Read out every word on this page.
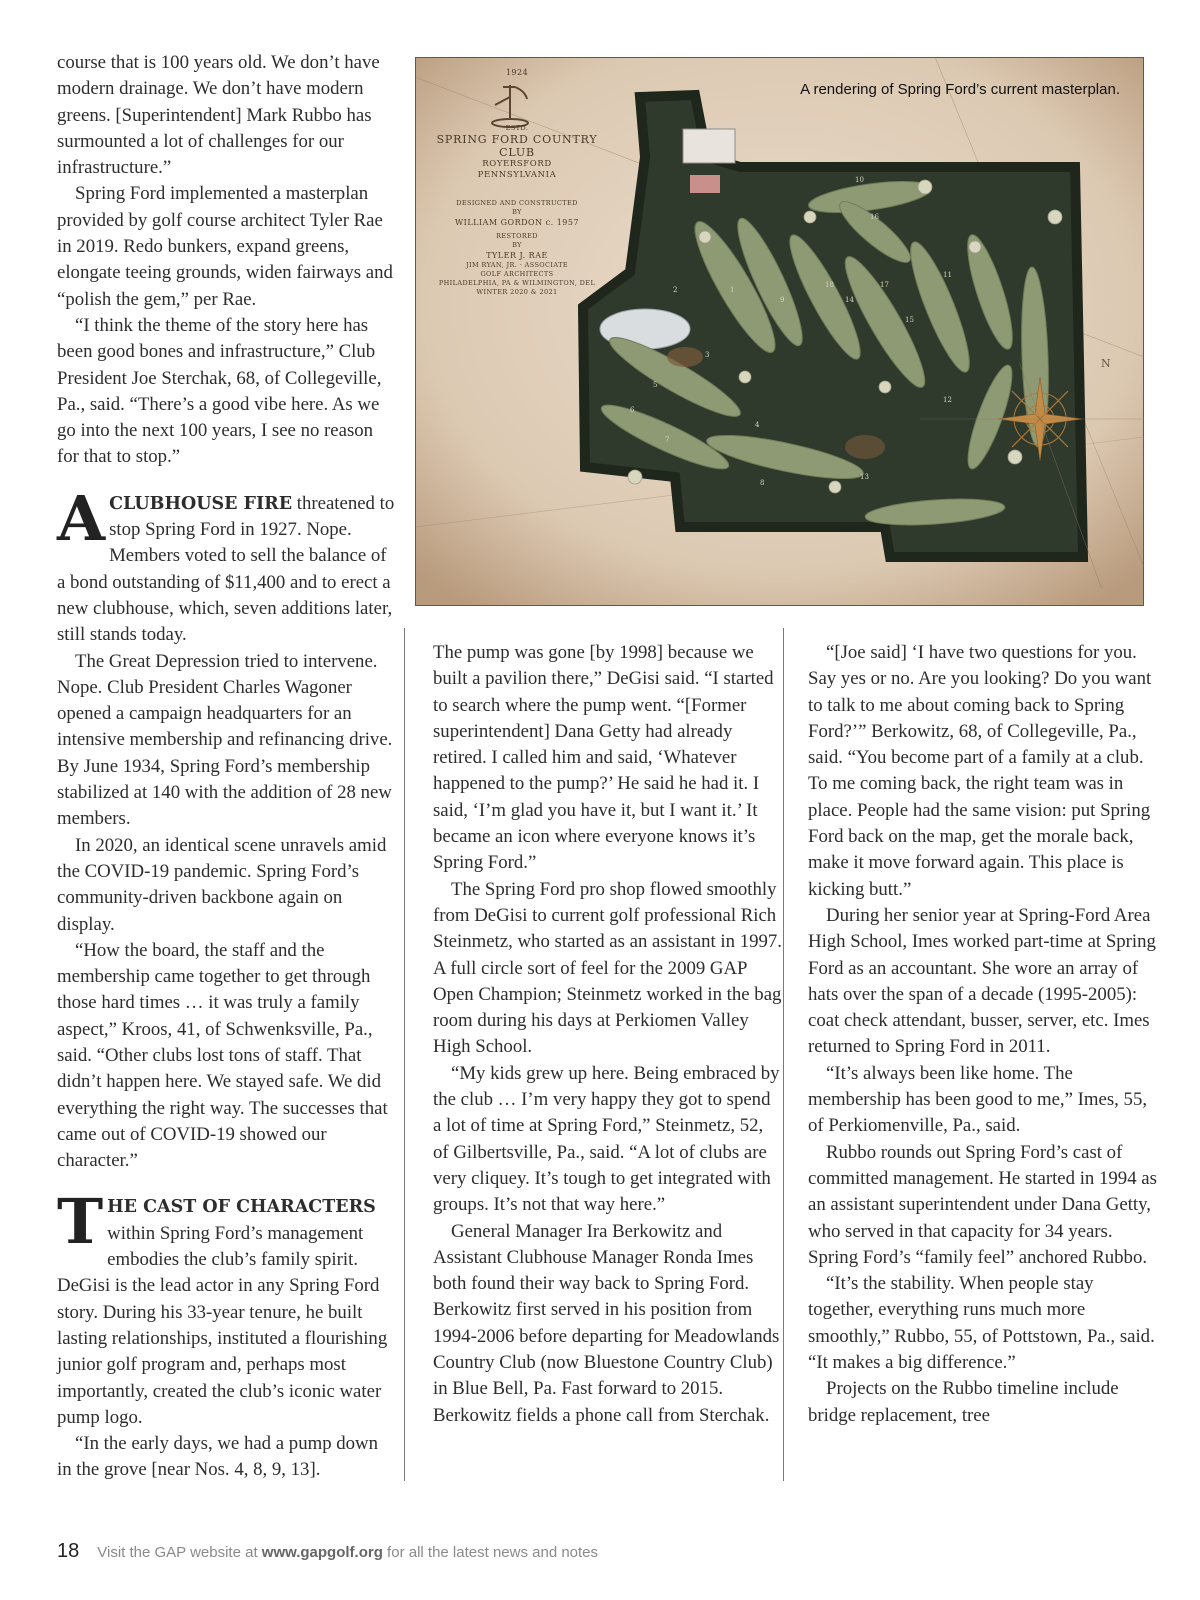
course that is 100 years old. We don’t have modern drainage. We don’t have modern greens. [Superintendent] Mark Rubbo has surmounted a lot of challenges for our infrastructure.”

Spring Ford implemented a masterplan provided by golf course architect Tyler Rae in 2019. Redo bunkers, expand greens, elongate teeing grounds, widen fairways and “polish the gem,” per Rae.

“I think the theme of the story here has been good bones and infrastructure,” Club President Joe Sterchak, 68, of Collegeville, Pa., said. “There’s a good vibe here. As we go into the next 100 years, I see no reason for that to stop.”

ACLUBHOUSE FIRE threatened to stop Spring Ford in 1927. Nope. Members voted to sell the balance of a bond outstanding of $11,400 and to erect a new clubhouse, which, seven additions later, still stands today.

The Great Depression tried to intervene. Nope. Club President Charles Wagoner opened a campaign headquarters for an intensive membership and refinancing drive. By June 1934, Spring Ford’s membership stabilized at 140 with the addition of 28 new members.

In 2020, an identical scene unravels amid the COVID-19 pandemic. Spring Ford’s community-driven backbone again on display.

“How the board, the staff and the membership came together to get through those hard times … it was truly a family aspect,” Kroos, 41, of Schwenksville, Pa., said. “Other clubs lost tons of staff. That didn’t happen here. We stayed safe. We did everything the right way. The successes that came out of COVID-19 showed our character.”

THE CAST OF CHARACTERS within Spring Ford’s management embodies the club’s family spirit. DeGisi is the lead actor in any Spring Ford story. During his 33-year tenure, he built lasting relationships, instituted a flourishing junior golf program and, perhaps most importantly, created the club’s iconic water pump logo.

“In the early days, we had a pump down in the grove [near Nos. 4, 8, 9, 13].

10
16
1
2
3
4
5
6
7
8
9
11
12
13
14
15
17
18
N
A rendering of Spring Ford’s current masterplan.
1924
ESTD.
SPRING FORD COUNTRY CLUB
ROYERSFORD
PENNSYLVANIA
DESIGNED AND CONSTRUCTED
BY
WILLIAM GORDON c. 1957
RESTORED
BY
TYLER J. RAE
JIM RYAN, JR. · ASSOCIATE
GOLF ARCHITECTS
PHILADELPHIA, PA & WILMINGTON, DEL
WINTER 2020 & 2021

The pump was gone [by 1998] because we built a pavilion there,” DeGisi said. “I started to search where the pump went. “[Former superintendent] Dana Getty had already retired. I called him and said, ‘Whatever happened to the pump?’ He said he had it. I said, ‘I’m glad you have it, but I want it.’ It became an icon where everyone knows it’s Spring Ford.”

The Spring Ford pro shop flowed smoothly from DeGisi to current golf professional Rich Steinmetz, who started as an assistant in 1997. A full circle sort of feel for the 2009 GAP Open Champion; Steinmetz worked in the bag room during his days at Perkiomen Valley High School.

“My kids grew up here. Being embraced by the club … I’m very happy they got to spend a lot of time at Spring Ford,” Steinmetz, 52, of Gilbertsville, Pa., said. “A lot of clubs are very cliquey. It’s tough to get integrated with groups. It’s not that way here.”

General Manager Ira Berkowitz and Assistant Clubhouse Manager Ronda Imes both found their way back to Spring Ford. Berkowitz first served in his position from 1994-2006 before departing for Meadowlands Country Club (now Bluestone Country Club) in Blue Bell, Pa. Fast forward to 2015. Berkowitz fields a phone call from Sterchak.

“[Joe said] ‘I have two questions for you. Say yes or no. Are you looking? Do you want to talk to me about coming back to Spring Ford?’” Berkowitz, 68, of Collegeville, Pa., said. “You become part of a family at a club. To me coming back, the right team was in place. People had the same vision: put Spring Ford back on the map, get the morale back, make it move forward again. This place is kicking butt.”

During her senior year at Spring-Ford Area High School, Imes worked part-time at Spring Ford as an accountant. She wore an array of hats over the span of a decade (1995-2005): coat check attendant, busser, server, etc. Imes returned to Spring Ford in 2011.

“It’s always been like home. The membership has been good to me,” Imes, 55, of Perkiomenville, Pa., said.

Rubbo rounds out Spring Ford’s cast of committed management. He started in 1994 as an assistant superintendent under Dana Getty, who served in that capacity for 34 years. Spring Ford’s “family feel” anchored Rubbo.

“It’s the stability. When people stay together, everything runs much more smoothly,” Rubbo, 55, of Pottstown, Pa., said. “It makes a big difference.”

Projects on the Rubbo timeline include bridge replacement, tree

18 Visit the GAP website at www.gapgolf.org for all the latest news and notes
